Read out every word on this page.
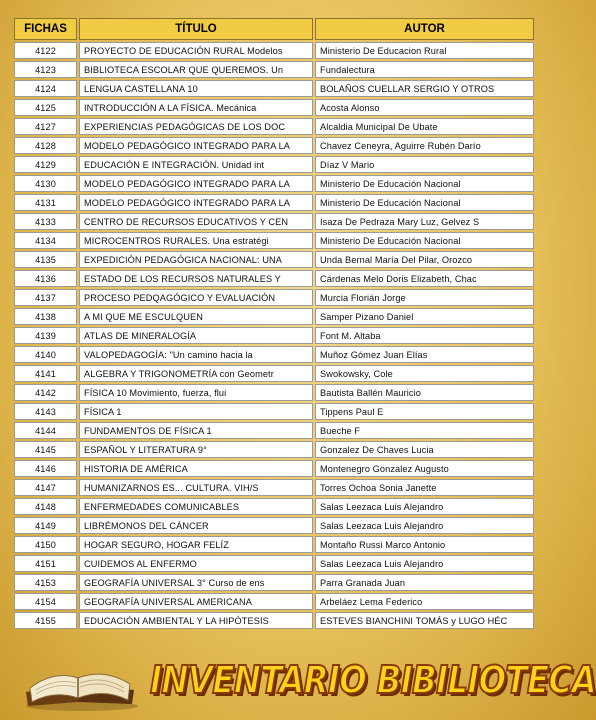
FICHAS	TÍTULO	AUTOR
4122	PROYECTO DE EDUCACIÓN RURAL Modelos	Ministerio De Educacion Rural
4123	BIBLIOTECA ESCOLAR QUE QUEREMOS. Un	Fundalectura
4124	LENGUA CASTELLANA 10	BOLAÑOS CUELLAR SERGIO Y OTROS
4125	INTRODUCCIÓN A LA FÍSICA. Mecánica	Acosta Alonso
4127	EXPERIENCIAS PEDAGÓGICAS DE LOS DOC	Alcaldia Municipal De Ubate
4128	MODELO PEDAGÓGICO INTEGRADO PARA LA	Chavez Ceneyra, Aguirre Rubén Darío
4129	EDUCACIÓN E INTEGRACIÓN. Unidad int	Díaz V Mario
4130	MODELO PEDAGÓGICO INTEGRADO PARA LA	Ministerio De Educación Nacional
4131	MODELO PEDAGÓGICO INTEGRADO PARA LA	Ministerio De Educación Nacional
4133	CENTRO DE RECURSOS EDUCATIVOS Y CEN	Isaza De Pedraza Mary Luz, Gelvez S
4134	MICROCENTROS RURALES. Una estratégi	Ministerio De Educación Nacional
4135	EXPEDICIÓN PEDAGÓGICA NACIONAL: UNA	Unda Bernal María Del Pilar, Orozco
4136	ESTADO DE LOS RECURSOS NATURALES Y	Cárdenas Melo Doris Elizabeth, Chac
4137	PROCESO PEDQAGÓGICO Y EVALUACIÓN	Murcia Florián Jorge
4138	A MI QUE ME ESCULQUEN	Samper Pizano Daniel
4139	ATLAS DE MINERALOGÍA	Font M. Altaba
4140	VALOPEDAGOGÍA: "Un camino hacia la	Muñoz Gómez Juan Elías
4141	ALGEBRA Y TRIGONOMETRÍA con Geometr	Swokowsky, Cole
4142	FÍSICA 10 Movimiento, fuerza, flui	Bautista Ballén Mauricio
4143	FÍSICA 1	Tippens Paul E
4144	FUNDAMENTOS DE FÍSICA 1	Bueche F
4145	ESPAÑOL Y LITERATURA 9°	Gonzalez De Chaves Lucia
4146	HISTORIA DE AMÉRICA	Montenegro Gonzalez Augusto
4147	HUMANIZARNOS ES... CULTURA. VIH/S	Torres Ochoa Sonia Janette
4148	ENFERMEDADES COMUNICABLES	Salas Leezaca Luis Alejandro
4149	LIBRÉMONOS DEL CÁNCER	Salas Leezaca Luis Alejandro
4150	HOGAR SEGURO, HOGAR FELÍZ	Montaño Russi Marco Antonio
4151	CUIDEMOS AL ENFERMO	Salas Leezaca Luis Alejandro
4153	GEOGRAFÍA UNIVERSAL 3° Curso de ens	Parra Granada Juan
4154	GEOGRAFÍA UNIVERSAL AMERICANA	Arbeláez Lema Federico
4155	EDUCACIÓN AMBIENTAL Y LA HIPÓTESIS	ESTEVES BIANCHINI TOMÁS y LUGO HÉC
INVENTARIO BIBILIOTECA
